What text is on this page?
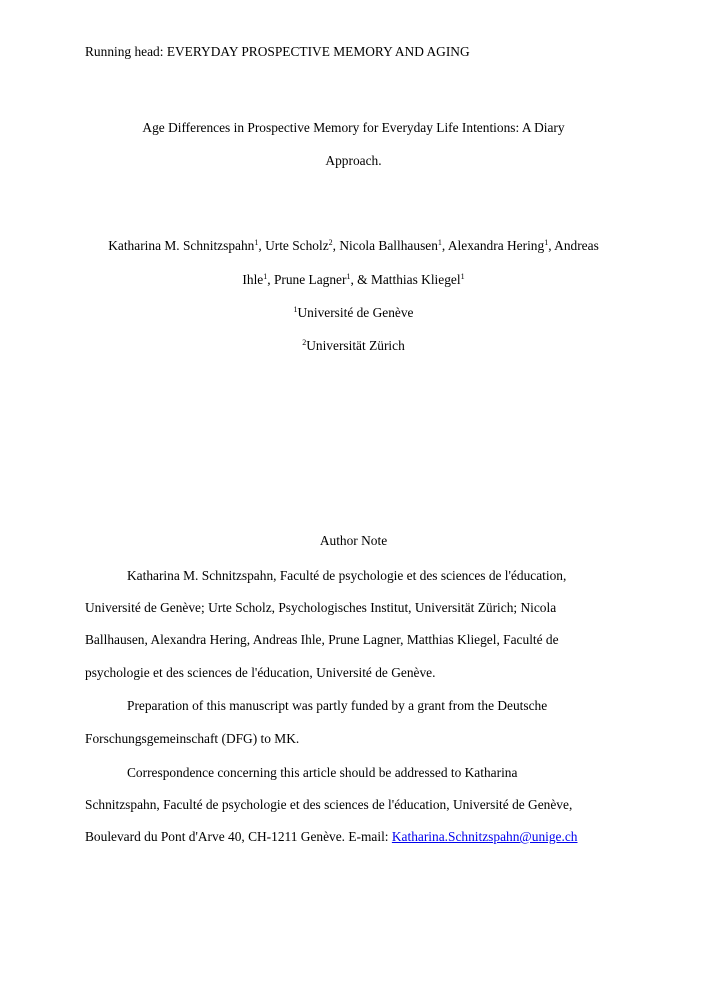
Running head: EVERYDAY PROSPECTIVE MEMORY AND AGING

Age Differences in Prospective Memory for Everyday Life Intentions: A Diary

Approach.

Katharina M. Schnitzspahn$^1$, Urte Scholz$^2$, Nicola Ballhausen$^1$, Alexandra Hering$^1$, Andreas

Ihle$^1$, Prune Lagner$^1$, & Matthias Kliegel$^1$

$^1$Université de Genève

$^2$Universität Zürich

Author Note

Katharina M. Schnitzspahn, Faculté de psychologie et des sciences de l'éducation,

Université de Genève; Urte Scholz, Psychologisches Institut, Universität Zürich; Nicola

Ballhausen, Alexandra Hering, Andreas Ihle, Prune Lagner, Matthias Kliegel, Faculté de

psychologie et des sciences de l'éducation, Université de Genève.

Preparation of this manuscript was partly funded by a grant from the Deutsche

Forschungsgemeinschaft (DFG) to MK.

Correspondence concerning this article should be addressed to Katharina

Schnitzspahn, Faculté de psychologie et des sciences de l'éducation, Université de Genève,

Boulevard du Pont d'Arve 40, CH-1211 Genève. E-mail: Katharina.Schnitzspahn@unige.ch
